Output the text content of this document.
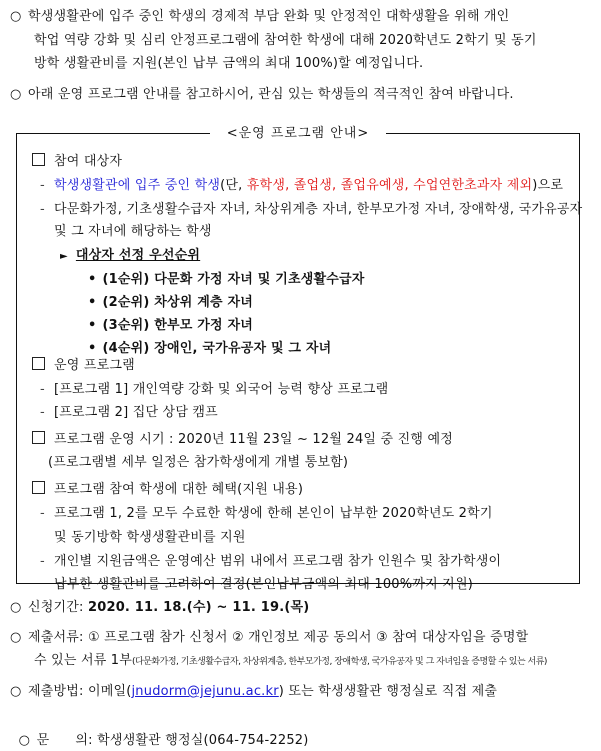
○ 학생생활관에 입주 중인 학생의 경제적 부담 완화 및 안정적인 대학생활을 위해 개인
학업 역량 강화 및 심리 안정프로그램에 참여한 학생에 대해 2020학년도 2학기 및 동기
방학 생활관비를 지원(본인 납부 금액의 최대 100%)할 예정입니다.
○ 아래 운영 프로그램 안내를 참고하시어, 관심 있는 학생들의 적극적인 참여 바랍니다.
<운영 프로그램 안내>
참여 대상자
- 학생생활관에 입주 중인 학생(단, 휴학생, 졸업생, 졸업유예생, 수업연한초과자 제외)으로
- 다문화가정, 기초생활수급자 자녀, 차상위계층 자녀, 한부모가정 자녀, 장애학생, 국가유공자
및 그 자녀에 해당하는 학생
► 대상자 선정 우선순위
• (1순위) 다문화 가정 자녀 및 기초생활수급자
• (2순위) 차상위 계층 자녀
• (3순위) 한부모 가정 자녀
• (4순위) 장애인, 국가유공자 및 그 자녀
운영 프로그램
- [프로그램 1] 개인역량 강화 및 외국어 능력 향상 프로그램
- [프로그램 2] 집단 상담 캠프
프로그램 운영 시기 : 2020년 11월 23일 ~ 12월 24일 중 진행 예정
(프로그램별 세부 일정은 참가학생에게 개별 통보함)
프로그램 참여 학생에 대한 혜택(지원 내용)
- 프로그램 1, 2를 모두 수료한 학생에 한해 본인이 납부한 2020학년도 2학기
및 동기방학 학생생활관비를 지원
- 개인별 지원금액은 운영예산 범위 내에서 프로그램 참가 인원수 및 참가학생이
납부한 생활관비를 고려하여 결정(본인납부금액의 최대 100%까지 지원)
○ 신청기간: 2020. 11. 18.(수) ~ 11. 19.(목)
○ 제출서류: ① 프로그램 참가 신청서 ② 개인정보 제공 동의서 ③ 참여 대상자임을 증명할
수 있는 서류 1부(다문화가정, 기초생활수급자, 차상위계층, 한부모가정, 장애학생, 국가유공자 및 그 자녀임을 증명할 수 있는 서류)
○ 제출방법: 이메일(jnudorm@jejunu.ac.kr) 또는 학생생활관 행정실로 직접 제출

○ 문      의: 학생생활관 행정실(064-754-2252)
